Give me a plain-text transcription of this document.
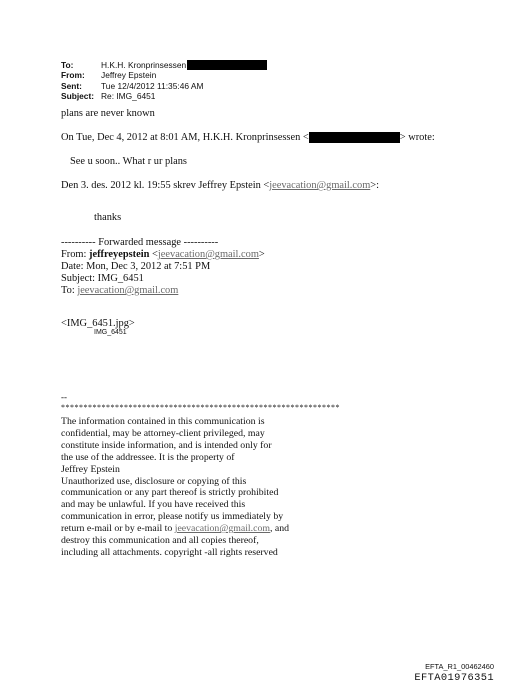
To:	H.K.H. Kronprinsessen
From:	Jeffrey Epstein
Sent:	Tue 12/4/2012 11:35:46 AM
Subject: Re: IMG_6451
plans are never known
On Tue, Dec 4, 2012 at 8:01 AM, H.K.H. Kronprinsessen <	> wrote:
See u soon.. What r ur plans
Den 3. des. 2012 kl. 19:55 skrev Jeffrey Epstein <jeevacation@gmail.com>:
thanks
---------- Forwarded message ----------
From: jeffreyepstein <jeevacation@gmail.com>
Date: Mon, Dec 3, 2012 at 7:51 PM
Subject: IMG_6451
To: jeevacation@gmail.com
<IMG_6451.jpg>
IMG_6451
--
**************************************************************
The information contained in this communication is
confidential, may be attorney-client privileged, may
constitute inside information, and is intended only for
the use of the addressee. It is the property of
Jeffrey Epstein
Unauthorized use, disclosure or copying of this
communication or any part thereof is strictly prohibited
and may be unlawful. If you have received this
communication in error, please notify us immediately by
return e-mail or by e-mail to jeevacation@gmail.com, and
destroy this communication and all copies thereof,
including all attachments. copyright -all rights reserved
EFTA_R1_00462460
EFTA01976351
